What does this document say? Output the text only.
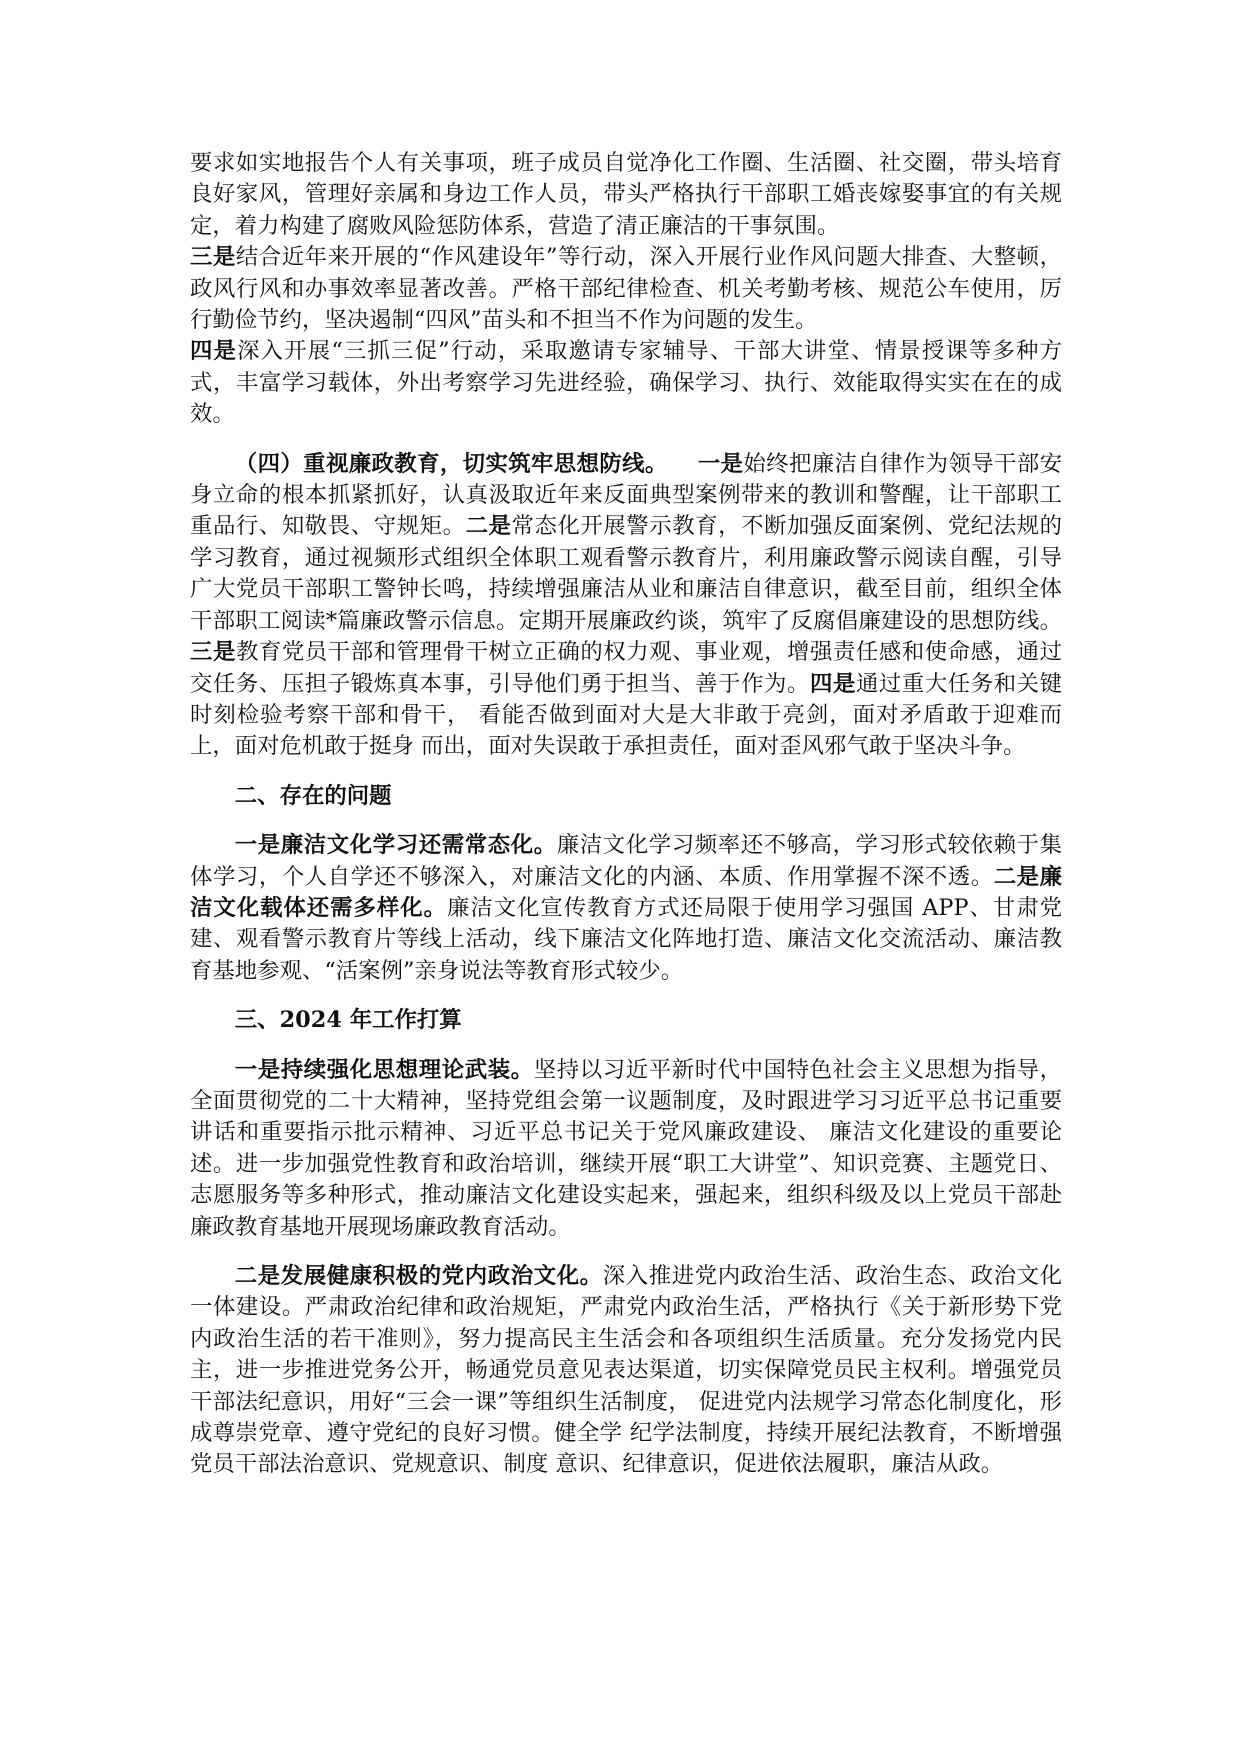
要求如实地报告个人有关事项，班子成员自觉净化工作圈、生活圈、社交圈，带头培育良好家风，管理好亲属和身边工作人员，带头严格执行干部职工婚丧嫁娶事宜的有关规定，着力构建了腐败风险惩防体系，营造了清正廉洁的干事氛围。

三是结合近年来开展的“作风建设年”等行动，深入开展行业作风问题大排查、大整顿，政风行风和办事效率显著改善。严格干部纪律检查、机关考勤考核、规范公车使用，厉行勤俭节约，坚决遏制“四风”苗头和不担当不作为问题的发生。

四是深入开展“三抓三促”行动，采取邀请专家辅导、干部大讲堂、情景授课等多种方式，丰富学习载体，外出考察学习先进经验，确保学习、执行、效能取得实实在在的成效。

（四）重视廉政教育，切实筑牢思想防线。 一是始终把廉洁自律作为领导干部安身立命的根本抓紧抓好，认真汲取近年来反面典型案例带来的教训和警醒，让干部职工重品行、知敬畏、守规矩。二是常态化开展警示教育，不断加强反面案例、党纪法规的学习教育，通过视频形式组织全体职工观看警示教育片，利用廉政警示阅读自醒，引导广大党员干部职工警钟长鸣，持续增强廉洁从业和廉洁自律意识，截至目前，组织全体干部职工阅读*篇廉政警示信息。定期开展廉政约谈，筑牢了反腐倡廉建设的思想防线。三是教育党员干部和管理骨干树立正确的权力观、事业观，增强责任感和使命感，通过交任务、压担子锻炼真本事，引导他们勇于担当、善于作为。四是通过重大任务和关键时刻检验考察干部和骨干， 看能否做到面对大是大非敢于亮剑，面对矛盾敢于迎难而上，面对危机敢于挺身 而出，面对失误敢于承担责任，面对歪风邪气敢于坚决斗争。

二、存在的问题

一是廉洁文化学习还需常态化。廉洁文化学习频率还不够高，学习形式较依赖于集体学习，个人自学还不够深入，对廉洁文化的内涵、本质、作用掌握不深不透。二是廉洁文化载体还需多样化。廉洁文化宣传教育方式还局限于使用学习强国 APP、甘肃党建、观看警示教育片等线上活动，线下廉洁文化阵地打造、廉洁文化交流活动、廉洁教育基地参观、“活案例”亲身说法等教育形式较少。

三、2024 年工作打算

一是持续强化思想理论武装。坚持以习近平新时代中国特色社会主义思想为指导，全面贯彻党的二十大精神，坚持党组会第一议题制度，及时跟进学习习近平总书记重要讲话和重要指示批示精神、习近平总书记关于党风廉政建设、 廉洁文化建设的重要论述。进一步加强党性教育和政治培训，继续开展“职工大讲堂”、知识竞赛、主题党日、志愿服务等多种形式，推动廉洁文化建设实起来，强起来，组织科级及以上党员干部赴廉政教育基地开展现场廉政教育活动。

二是发展健康积极的党内政治文化。深入推进党内政治生活、政治生态、政治文化一体建设。严肃政治纪律和政治规矩，严肃党内政治生活，严格执行《关于新形势下党内政治生活的若干准则》，努力提高民主生活会和各项组织生活质量。充分发扬党内民主，进一步推进党务公开，畅通党员意见表达渠道，切实保障党员民主权利。增强党员干部法纪意识，用好“三会一课”等组织生活制度， 促进党内法规学习常态化制度化，形成尊崇党章、遵守党纪的良好习惯。健全学 纪学法制度，持续开展纪法教育，不断增强党员干部法治意识、党规意识、制度 意识、纪律意识，促进依法履职，廉洁从政。
